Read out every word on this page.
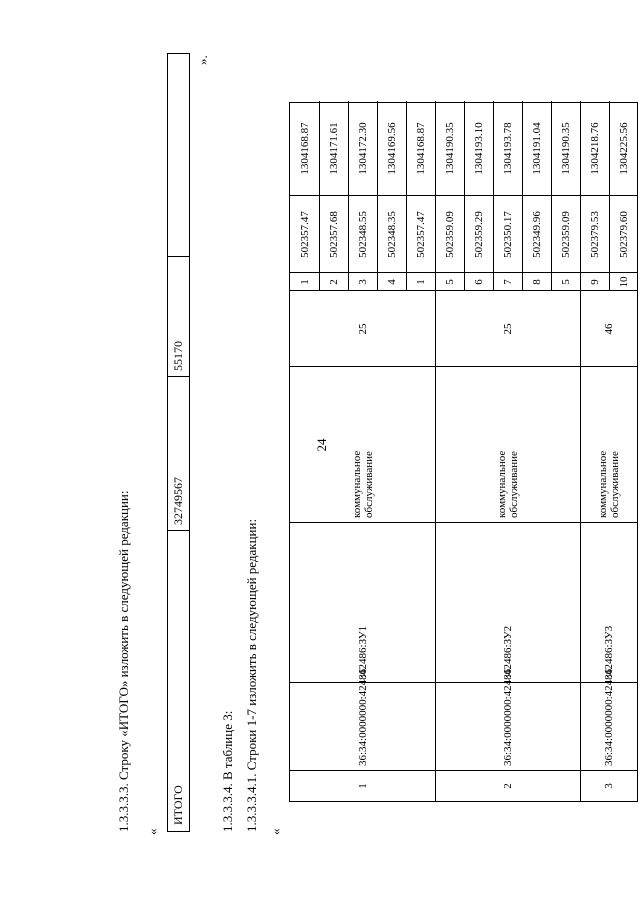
24
1.3.3.3.3. Строку «ИТОГО» изложить в следующей редакции: «
ИТОГО
32749567
55170
».
1.3.3.3.4. В таблице 3: 1.3.3.3.4.1. Строки 1-7 изложить в следующей редакции: «
1
36:34:0000000:42486
:42486:ЗУ1
коммунальное обслуживание
25
1
502357.47
1304168.87
2
502357.68
1304171.61
3
502348.55
1304172.30
4
502348.35
1304169.56
1
502357.47
1304168.87
2
36:34:0000000:42486
:42486:ЗУ2
коммунальное обслуживание
25
5
502359.09
1304190.35
6
502359.29
1304193.10
7
502350.17
1304193.78
8
502349.96
1304191.04
5
502359.09
1304190.35
3
36:34:0000000:42486
:42486:ЗУ3
коммунальное обслуживание
46
9
502379.53
1304218.76
10
502379.60
1304225.56
